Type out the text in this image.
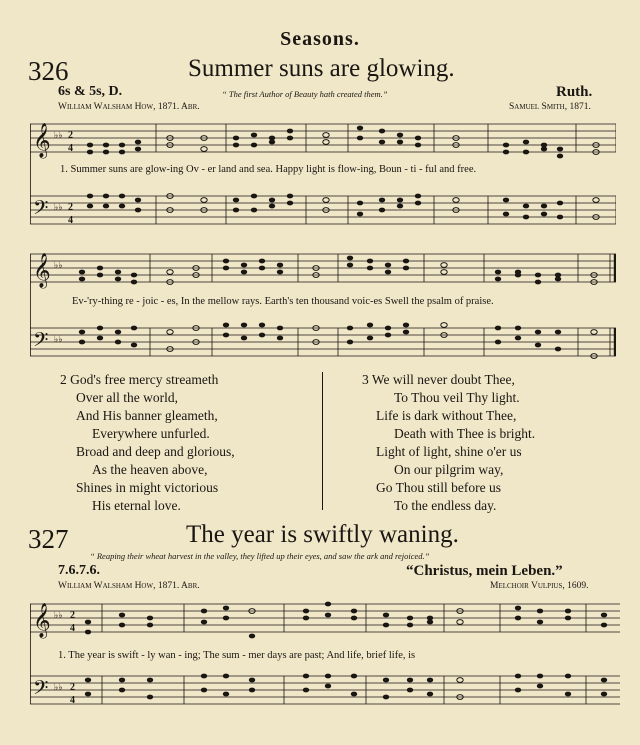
Seasons.
326	Summer suns are glowing.
6s & 5s, D.	Ruth.
William Walsham How, 1871. Abr.
“ The first Author of Beauty hath created them.”
Samuel Smith, 1871.
𝄞
𝄢
♭♭
♭♭
2
4
2
4
1. Summer suns are glow-ing Ov - er land and sea. Happy light is flow-ing, Boun - ti - ful and free.
𝄞
𝄢
♭♭
♭♭
Ev-'ry-thing re - joic - es, In the mellow rays. Earth's ten thousand voic-es Swell the psalm of praise.
2 God's free mercy streameth
Over all the world,
And His banner gleameth,
Everywhere unfurled.
Broad and deep and glorious,
As the heaven above,
Shines in might victorious
His eternal love.
3 We will never doubt Thee,
To Thou veil Thy light.
Life is dark without Thee,
Death with Thee is bright.
Light of light, shine o'er us
On our pilgrim way,
Go Thou still before us
To the endless day.
327	The year is swiftly waning.
“ Reaping their wheat harvest in the valley, they lifted up their eyes, and saw the ark and rejoiced.”
7.6.7.6.	“Christus, mein Leben.”
William Walsham How, 1871. Abr.	Melchoir Vulpius, 1609.
𝄞
𝄢
♭♭
♭♭
2
4
2
4
1. The year is swift - ly wan - ing; The sum - mer days are past; And life, brief life, is
